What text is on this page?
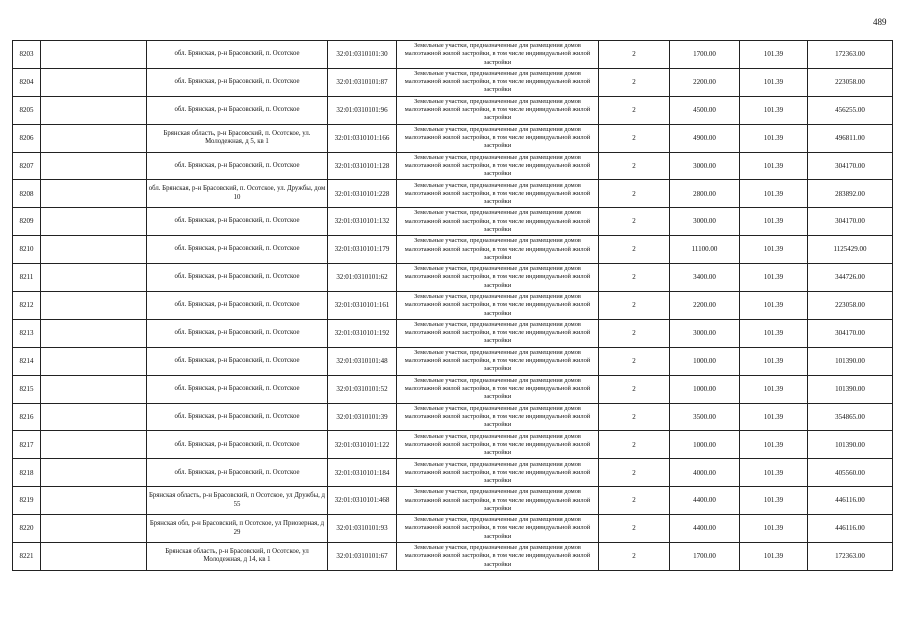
489
8203		обл. Брянская, р-н Брасовский, п. Осотское	32:01:0310101:30	Земельные участки, предназначенные для размещения домов малоэтажной жилой застройки, в том числе индивидуальной жилой застройки	2	1700.00	101.39	172363.00
8204		обл. Брянская, р-н Брасовский, п. Осотское	32:01:0310101:87	Земельные участки, предназначенные для размещения домов малоэтажной жилой застройки, в том числе индивидуальной жилой застройки	2	2200.00	101.39	223058.00
8205		обл. Брянская, р-н Брасовский, п. Осотское	32:01:0310101:96	Земельные участки, предназначенные для размещения домов малоэтажной жилой застройки, в том числе индивидуальной жилой застройки	2	4500.00	101.39	456255.00
8206		Брянская область, р-н Брасовский, п. Осотское, ул. Молодежная, д 5, кв 1	32:01:0310101:166	Земельные участки, предназначенные для размещения домов малоэтажной жилой застройки, в том числе индивидуальной жилой застройки	2	4900.00	101.39	496811.00
8207		обл. Брянская, р-н Брасовский, п. Осотское	32:01:0310101:128	Земельные участки, предназначенные для размещения домов малоэтажной жилой застройки, в том числе индивидуальной жилой застройки	2	3000.00	101.39	304170.00
8208		обл. Брянская, р-н Брасовский, п. Осотское, ул. Дружбы, дом 10	32:01:0310101:228	Земельные участки, предназначенные для размещения домов малоэтажной жилой застройки, в том числе индивидуальной жилой застройки	2	2800.00	101.39	283892.00
8209		обл. Брянская, р-н Брасовский, п. Осотское	32:01:0310101:132	Земельные участки, предназначенные для размещения домов малоэтажной жилой застройки, в том числе индивидуальной жилой застройки	2	3000.00	101.39	304170.00
8210		обл. Брянская, р-н Брасовский, п. Осотское	32:01:0310101:179	Земельные участки, предназначенные для размещения домов малоэтажной жилой застройки, в том числе индивидуальной жилой застройки	2	11100.00	101.39	1125429.00
8211		обл. Брянская, р-н Брасовский, п. Осотское	32:01:0310101:62	Земельные участки, предназначенные для размещения домов малоэтажной жилой застройки, в том числе индивидуальной жилой застройки	2	3400.00	101.39	344726.00
8212		обл. Брянская, р-н Брасовский, п. Осотское	32:01:0310101:161	Земельные участки, предназначенные для размещения домов малоэтажной жилой застройки, в том числе индивидуальной жилой застройки	2	2200.00	101.39	223058.00
8213		обл. Брянская, р-н Брасовский, п. Осотское	32:01:0310101:192	Земельные участки, предназначенные для размещения домов малоэтажной жилой застройки, в том числе индивидуальной жилой застройки	2	3000.00	101.39	304170.00
8214		обл. Брянская, р-н Брасовский, п. Осотское	32:01:0310101:48	Земельные участки, предназначенные для размещения домов малоэтажной жилой застройки, в том числе индивидуальной жилой застройки	2	1000.00	101.39	101390.00
8215		обл. Брянская, р-н Брасовский, п. Осотское	32:01:0310101:52	Земельные участки, предназначенные для размещения домов малоэтажной жилой застройки, в том числе индивидуальной жилой застройки	2	1000.00	101.39	101390.00
8216		обл. Брянская, р-н Брасовский, п. Осотское	32:01:0310101:39	Земельные участки, предназначенные для размещения домов малоэтажной жилой застройки, в том числе индивидуальной жилой застройки	2	3500.00	101.39	354865.00
8217		обл. Брянская, р-н Брасовский, п. Осотское	32:01:0310101:122	Земельные участки, предназначенные для размещения домов малоэтажной жилой застройки, в том числе индивидуальной жилой застройки	2	1000.00	101.39	101390.00
8218		обл. Брянская, р-н Брасовский, п. Осотское	32:01:0310101:184	Земельные участки, предназначенные для размещения домов малоэтажной жилой застройки, в том числе индивидуальной жилой застройки	2	4000.00	101.39	405560.00
8219		Брянская область, р-н Брасовский, п Осотское, ул Дружбы, д 55	32:01:0310101:468	Земельные участки, предназначенные для размещения домов малоэтажной жилой застройки, в том числе индивидуальной жилой застройки	2	4400.00	101.39	446116.00
8220		Брянская обл, р-н Брасовский, п Осотское, ул Приозерная, д 29	32:01:0310101:93	Земельные участки, предназначенные для размещения домов малоэтажной жилой застройки, в том числе индивидуальной жилой застройки	2	4400.00	101.39	446116.00
8221		Брянская область, р-н Брасовский, п Осотское, ул Молодежная, д 14, кв 1	32:01:0310101:67	Земельные участки, предназначенные для размещения домов малоэтажной жилой застройки, в том числе индивидуальной жилой застройки	2	1700.00	101.39	172363.00
